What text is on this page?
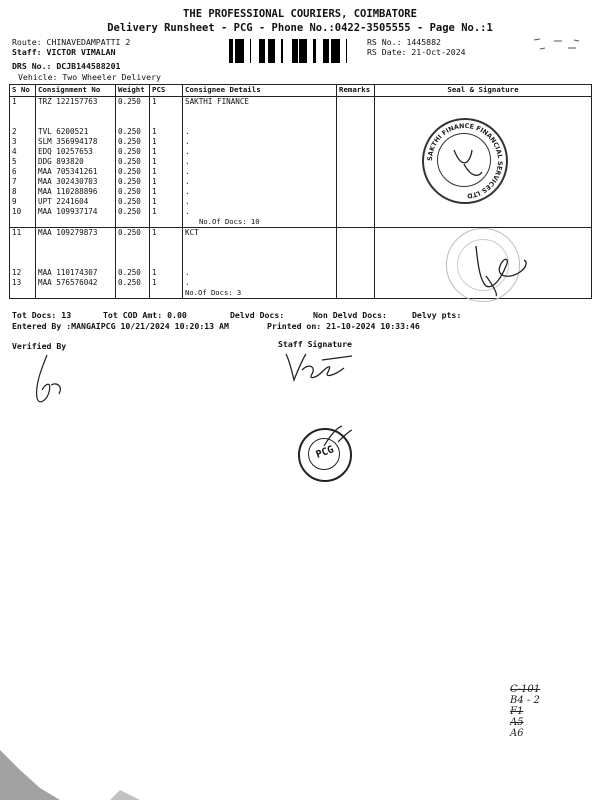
THE PROFESSIONAL COURIERS, COIMBATORE
Delivery Runsheet - PCG - Phone No.:0422-3505555 - Page No.:1
Route: CHINAVEDAMPATTI 2
Staff: VICTOR VIMALAN
DRS No.: DCJB144588201
Vehicle: Two Wheeler Delivery
RS No.: 1445882
RS Date: 21-Oct-2024
S No	Consignment No	Weight	PCS	Consignee Details	Remarks	Seal & Signature
1	TRZ 122157763	0.250	1	SAKTHI FINANCE		

2	TVL 6200521	0.250	1	.		
3	SLM 356994178	0.250	1	.		
4	EDQ 10257653	0.250	1	.		
5	DDG 893820	0.250	1	.		
6	MAA 705341261	0.250	1	.		
7	MAA 302430703	0.250	1	.		
8	MAA 110288896	0.250	1	.		
9	UPT 2241604	0.250	1	.		
10	MAA 109937174	0.250	1	.		
				No.Of Docs: 10		
11	MAA 109279873	0.250	1	KCT		

12	MAA 110174307	0.250	1	.		
13	MAA 576576042	0.250	1	.		
				No.Of Docs: 3		
Tot Docs: 13	Tot COD Amt: 0.00	Delvd Docs:	Non Delvd Docs:	Delvy pts:
Entered By :MANGAIPCG 10/21/2024 10:20:13 AM	Printed on: 21-10-2024 10:33:46
Verified By	Staff Signature
SAKTHI FINANCE FINANCIAL SERVICES LTD
PCG
C-101
B4 - 2
F1
A5
A6
